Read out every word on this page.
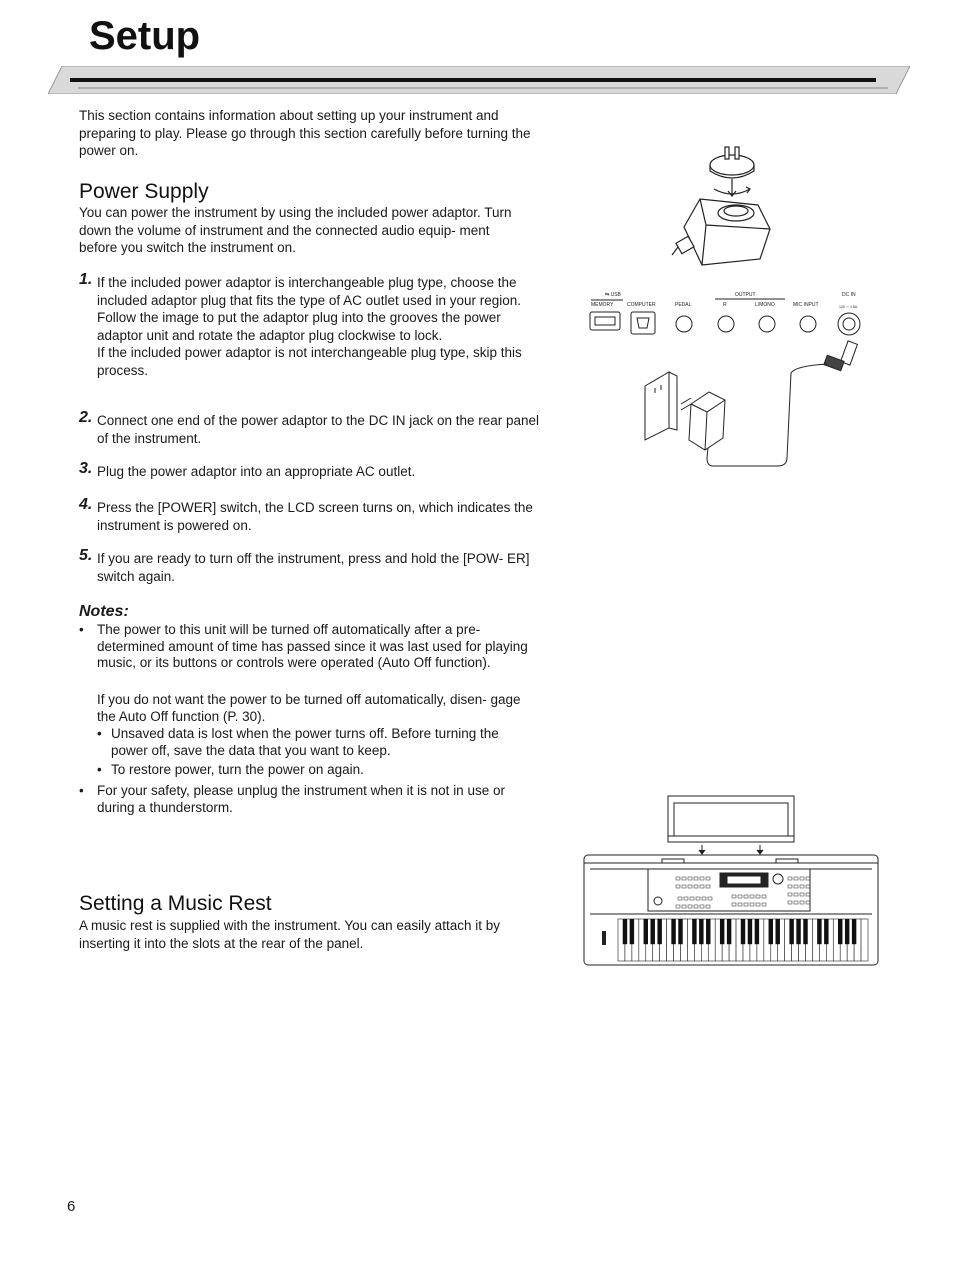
Setup

This section contains information about setting up your instrument and preparing to play. Please go through this section carefully before turning the power on.

Power Supply

You can power the instrument by using the included power adaptor. Turn down the volume of instrument and the connected audio equip- ment before you switch the instrument on.

1. If the included power adaptor is interchangeable plug type, choose the included adaptor plug that fits the type of AC outlet used in your region.

Follow the image to put the adaptor plug into the grooves the power adaptor unit and rotate the adaptor plug clockwise to lock.

If the included power adaptor is not interchangeable plug type, skip this process.

2. Connect one end of the power adaptor to the DC IN jack on the rear panel of the instrument.

3. Plug the power adaptor into an appropriate AC outlet.

4. Press the [POWER] switch, the LCD screen turns on, which indicates the instrument is powered on.

5. If you are ready to turn off the instrument, press and hold the [POW- ER] switch again.

Notes:

• The power to this unit will be turned off automatically after a pre- determined amount of time has passed since it was last used for playing music, or its buttons or controls were operated (Auto Off function).
If you do not want the power to be turned off automatically, disen- gage the Auto Off function (P. 30).
• Unsaved data is lost when the power turns off. Before turning the power off, save the data that you want to keep.
• To restore power, turn the power on again.
• For your safety, please unplug the instrument when it is not in use or during a thunderstorm.
Setting a Music Rest

A music rest is supplied with the instrument. You can easily attach it by inserting it into the slots at the rear of the panel.

⇆ USB
MEMORY	COMPUTER	PEDAL
OUTPUT
R	L/MONO	MIC INPUT
DC IN
12V ⎓ 1.5A
6
